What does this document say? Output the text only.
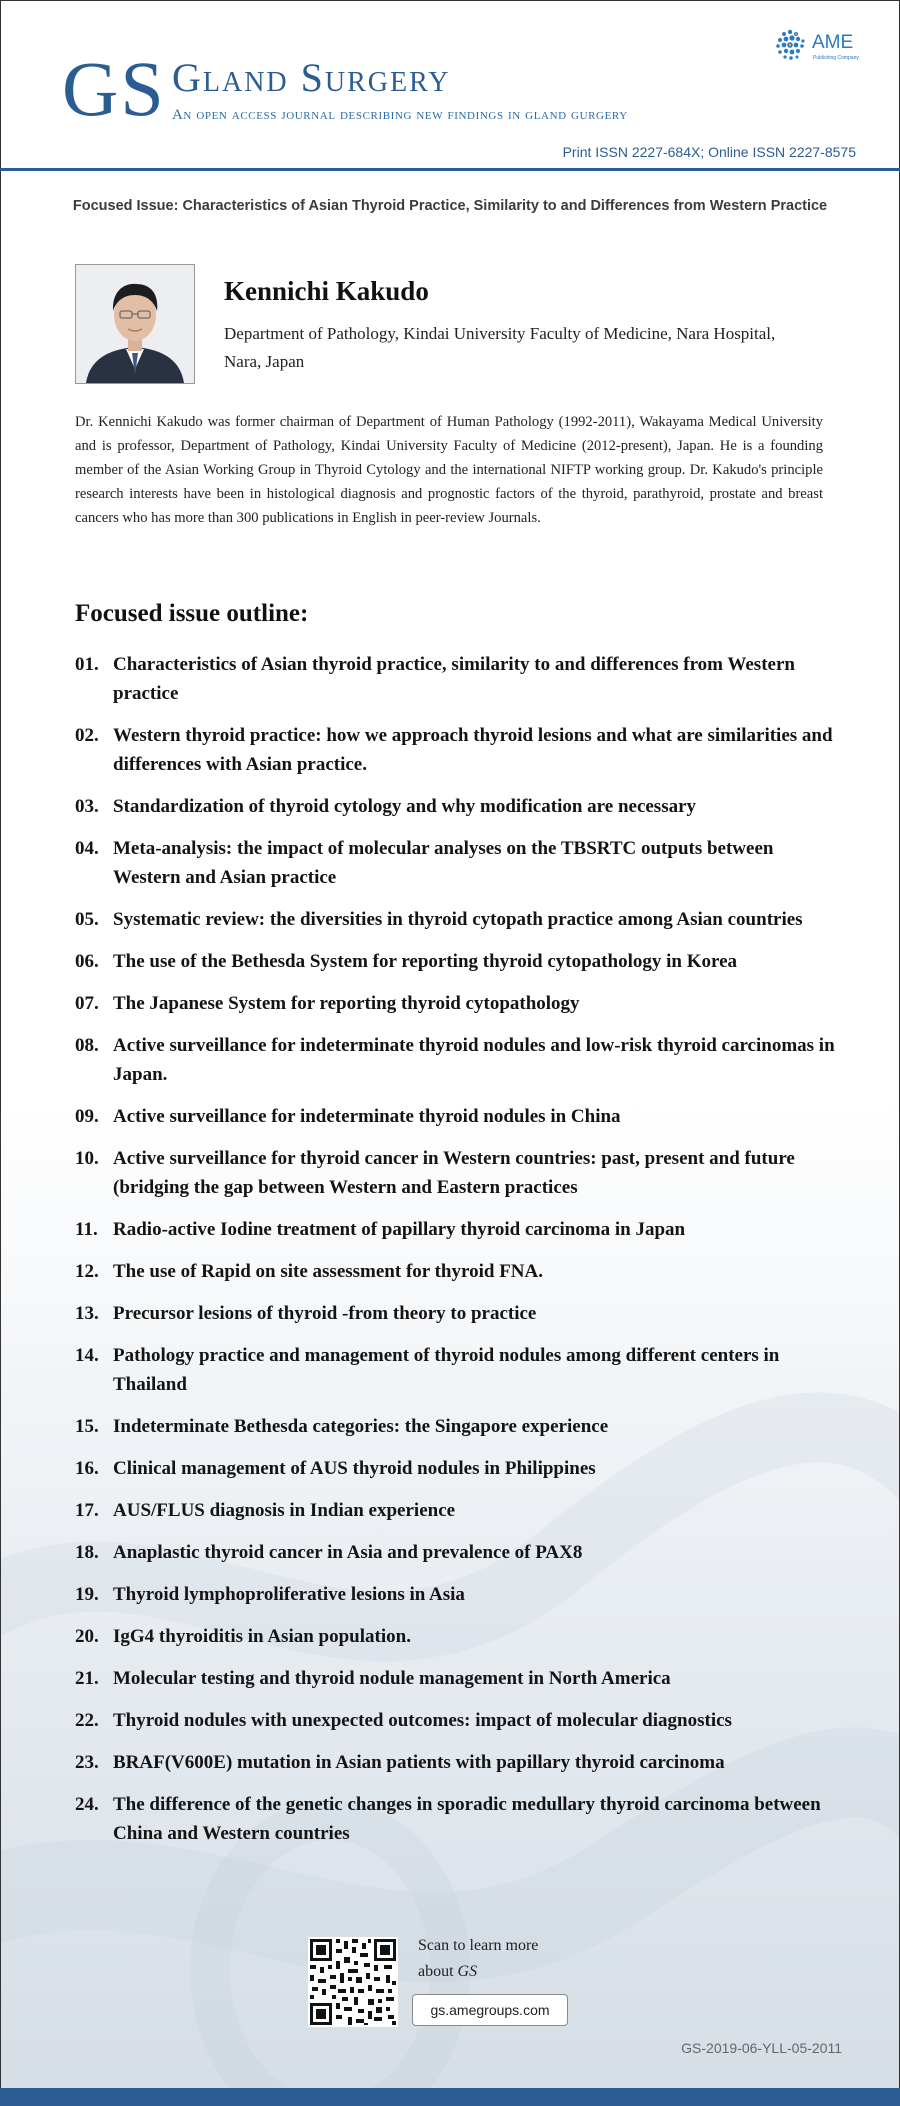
GS Gland Surgery
An open access journal describing new findings in gland gurgery
AME
Publishing Company
Print ISSN 2227-684X; Online ISSN 2227-8575
Focused Issue: Characteristics of Asian Thyroid Practice, Similarity to and Differences from Western Practice
Kennichi Kakudo
Department of Pathology, Kindai University Faculty of Medicine, Nara Hospital, Nara, Japan
Dr. Kennichi Kakudo was former chairman of Department of Human Pathology (1992-2011), Wakayama Medical University and is professor, Department of Pathology, Kindai University Faculty of Medicine (2012-present), Japan. He is a founding member of the Asian Working Group in Thyroid Cytology and the international NIFTP working group. Dr. Kakudo's principle research interests have been in histological diagnosis and prognostic factors of the thyroid, parathyroid, prostate and breast cancers who has more than 300 publications in English in peer-review Journals.
Focused issue outline:
01. Characteristics of Asian thyroid practice, similarity to and differences from Western practice
02. Western thyroid practice: how we approach thyroid lesions and what are similarities and differences with Asian practice.
03. Standardization of thyroid cytology and why modification are necessary
04. Meta-analysis: the impact of molecular analyses on the TBSRTC outputs between Western and Asian practice
05. Systematic review: the diversities in thyroid cytopath practice among Asian countries
06. The use of the Bethesda System for reporting thyroid cytopathology in Korea
07. The Japanese System for reporting thyroid cytopathology
08. Active surveillance for indeterminate thyroid nodules and low-risk thyroid carcinomas in Japan.
09. Active surveillance for indeterminate thyroid nodules in China
10. Active surveillance for thyroid cancer in Western countries: past, present and future (bridging the gap between Western and Eastern practices
11. Radio-active Iodine treatment of papillary thyroid carcinoma in Japan
12. The use of Rapid on site assessment for thyroid FNA.
13. Precursor lesions of thyroid -from theory to practice
14. Pathology practice and management of thyroid nodules among different centers in Thailand
15. Indeterminate Bethesda categories: the Singapore experience
16. Clinical management of AUS thyroid nodules in Philippines
17. AUS/FLUS diagnosis in Indian experience
18. Anaplastic thyroid cancer in Asia and prevalence of PAX8
19. Thyroid lymphoproliferative lesions in Asia
20. IgG4 thyroiditis in Asian population.
21. Molecular testing and thyroid nodule management in North America
22. Thyroid nodules with unexpected outcomes: impact of molecular diagnostics
23. BRAF(V600E) mutation in Asian patients with papillary thyroid carcinoma
24. The difference of the genetic changes in sporadic medullary thyroid carcinoma between China and Western countries
Scan to learn more
about GS
gs.amegroups.com
GS-2019-06-YLL-05-2011
